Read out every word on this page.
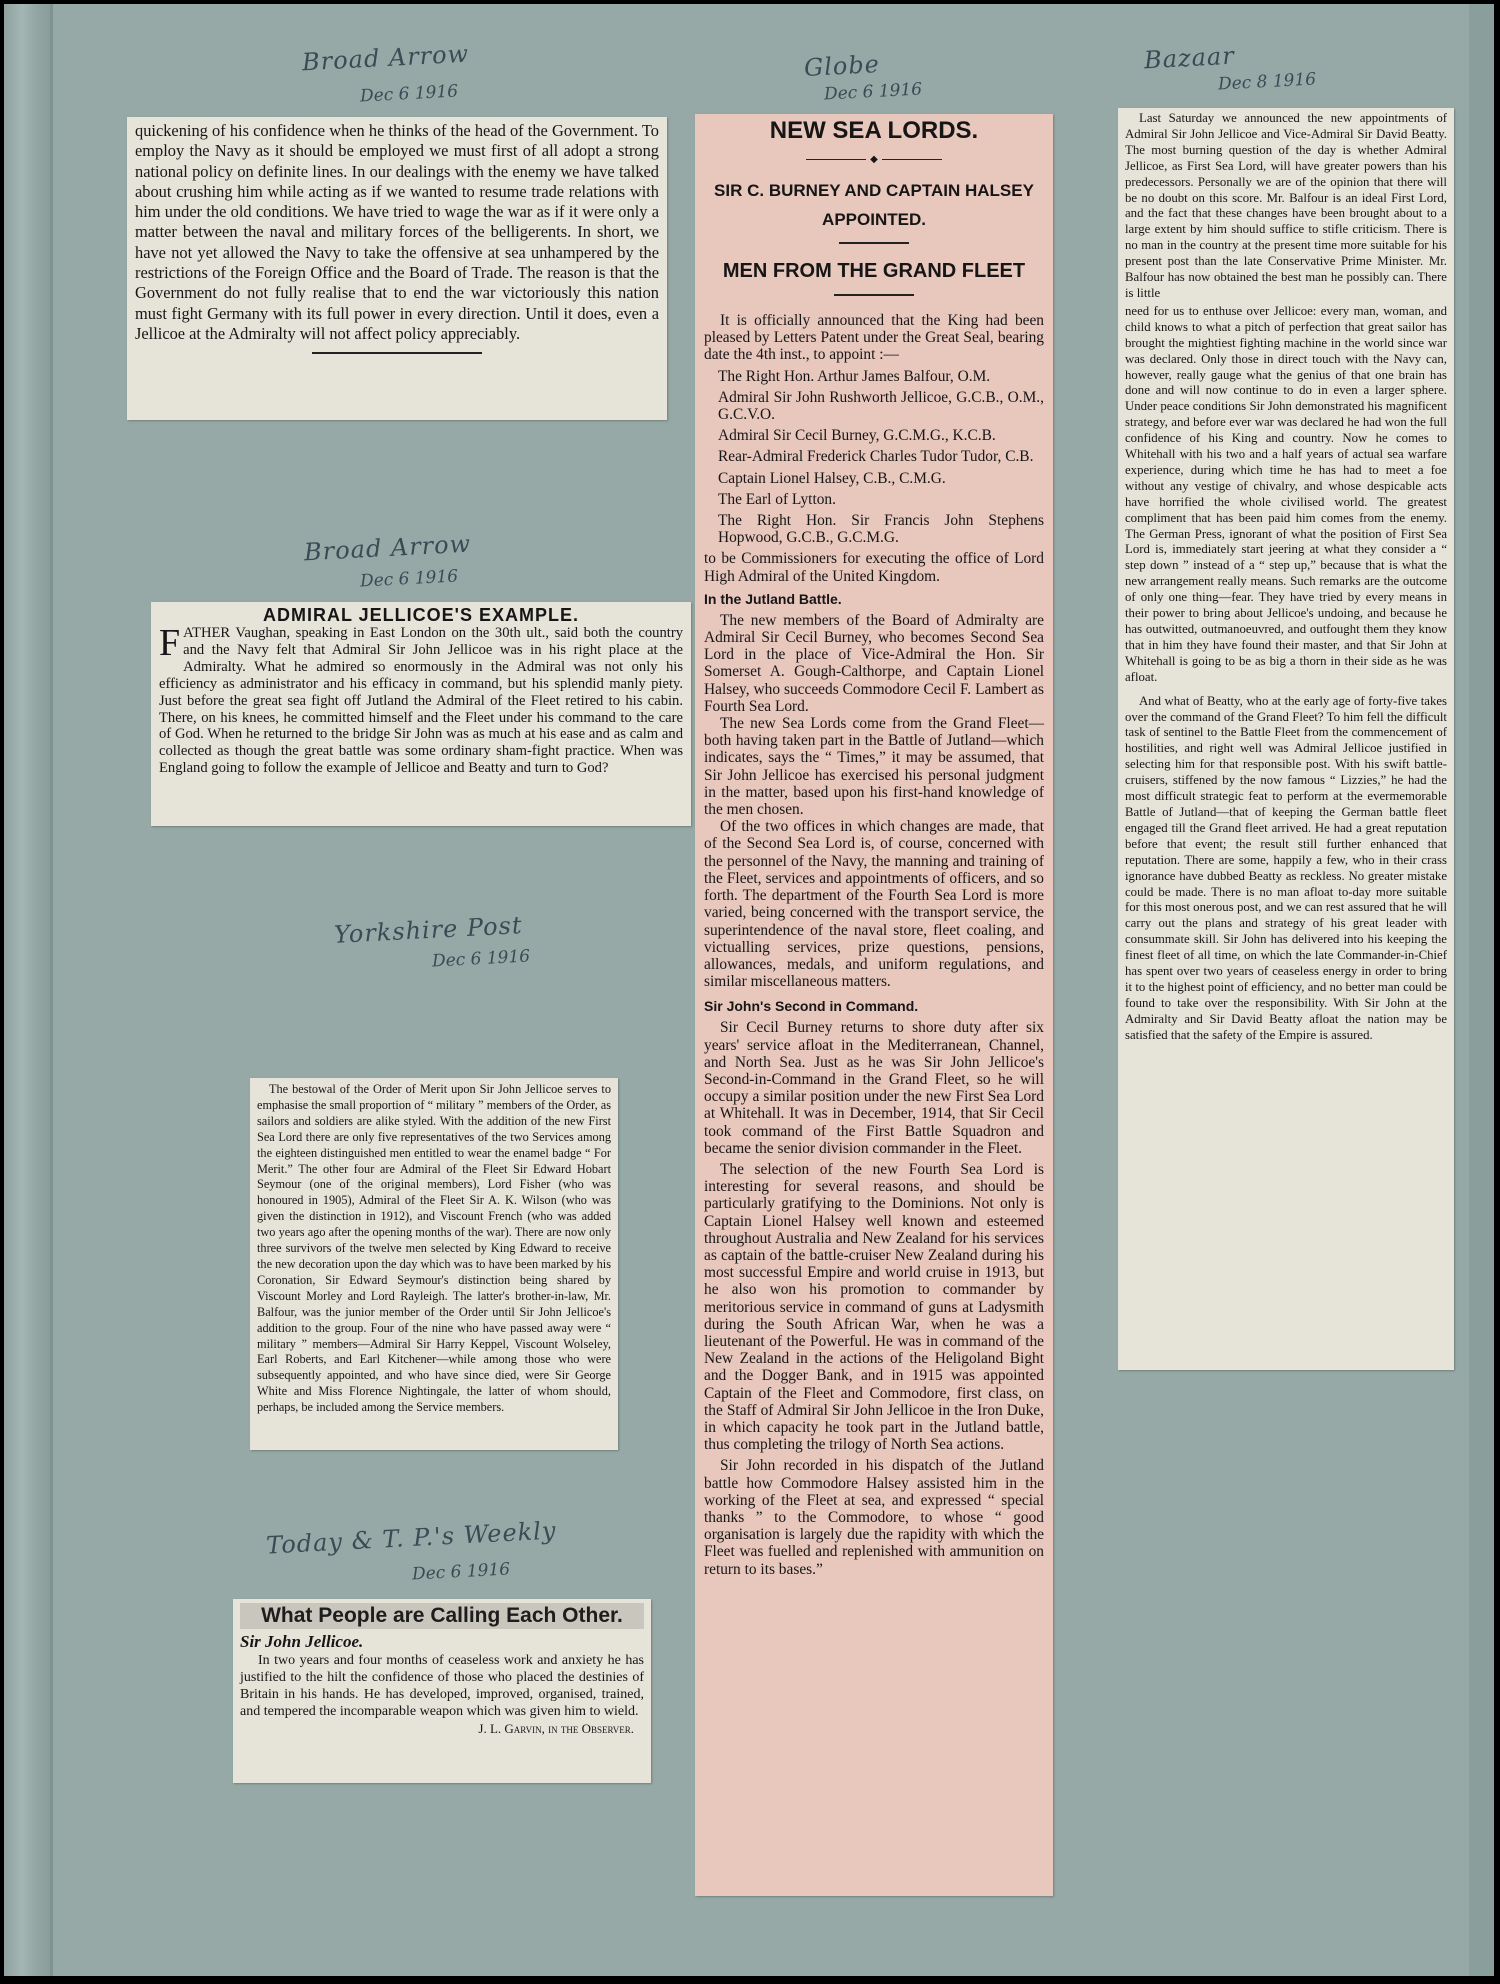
Broad Arrow
Dec 6 1916
Globe
Dec 6 1916
Bazaar
Dec 8 1916
Broad Arrow
Dec 6 1916
Yorkshire Post
Dec 6 1916
Today & T. P.'s Weekly
Dec 6 1916

quickening of his confidence when he thinks of the head of the Government. To employ the Navy as it should be employed we must first of all adopt a strong national policy on definite lines. In our dealings with the enemy we have talked about crushing him while acting as if we wanted to resume trade relations with him under the old conditions. We have tried to wage the war as if it were only a matter between the naval and military forces of the belligerents. In short, we have not yet allowed the Navy to take the offensive at sea unhampered by the restrictions of the Foreign Office and the Board of Trade. The reason is that the Government do not fully realise that to end the war victoriously this nation must fight Germany with its full power in every direction. Until it does, even a Jellicoe at the Admiralty will not affect policy appreciably.

ADMIRAL JELLICOE'S EXAMPLE.

F ATHER Vaughan, speaking in East London on the 30th ult., said both the country and the Navy felt that Admiral Sir John Jellicoe was in his right place at the Admiralty. What he admired so enormously in the Admiral was not only his efficiency as administrator and his efficacy in command, but his splendid manly piety. Just before the great sea fight off Jutland the Admiral of the Fleet retired to his cabin. There, on his knees, he committed himself and the Fleet under his command to the care of God. When he returned to the bridge Sir John was as much at his ease and as calm and collected as though the great battle was some ordinary sham-fight practice. When was England going to follow the example of Jellicoe and Beatty and turn to God?

The bestowal of the Order of Merit upon Sir John Jellicoe serves to emphasise the small proportion of “ military ” members of the Order, as sailors and soldiers are alike styled. With the addition of the new First Sea Lord there are only five representatives of the two Services among the eighteen distinguished men entitled to wear the enamel badge “ For Merit.” The other four are Admiral of the Fleet Sir Edward Hobart Seymour (one of the original members), Lord Fisher (who was honoured in 1905), Admiral of the Fleet Sir A. K. Wilson (who was given the distinction in 1912), and Viscount French (who was added two years ago after the opening months of the war). There are now only three survivors of the twelve men selected by King Edward to receive the new decoration upon the day which was to have been marked by his Coronation, Sir Edward Seymour's distinction being shared by Viscount Morley and Lord Rayleigh. The latter's brother-in-law, Mr. Balfour, was the junior member of the Order until Sir John Jellicoe's addition to the group. Four of the nine who have passed away were “ military ” members—Admiral Sir Harry Keppel, Viscount Wolseley, Earl Roberts, and Earl Kitchener—while among those who were subsequently appointed, and who have since died, were Sir George White and Miss Florence Nightingale, the latter of whom should, perhaps, be included among the Service members.

What People are Calling Each Other.
Sir John Jellicoe.

In two years and four months of ceaseless work and anxiety he has justified to the hilt the confidence of those who placed the destinies of Britain in his hands. He has developed, improved, organised, trained, and tempered the incomparable weapon which was given him to wield.

J. L. Garvin, in the Observer.
NEW SEA LORDS.
◆
SIR C. BURNEY AND CAPTAIN HALSEY APPOINTED.
MEN FROM THE GRAND FLEET

It is officially announced that the King had been pleased by Letters Patent under the Great Seal, bearing date the 4th inst., to appoint :—

The Right Hon. Arthur James Balfour, O.M.

Admiral Sir John Rushworth Jellicoe, G.C.B., O.M., G.C.V.O.

Admiral Sir Cecil Burney, G.C.M.G., K.C.B.

Rear-Admiral Frederick Charles Tudor Tudor, C.B.

Captain Lionel Halsey, C.B., C.M.G.

The Earl of Lytton.

The Right Hon. Sir Francis John Stephens Hopwood, G.C.B., G.C.M.G.

to be Commissioners for executing the office of Lord High Admiral of the United Kingdom.

In the Jutland Battle.

The new members of the Board of Admiralty are Admiral Sir Cecil Burney, who becomes Second Sea Lord in the place of Vice-Admiral the Hon. Sir Somerset A. Gough-Calthorpe, and Captain Lionel Halsey, who succeeds Commodore Cecil F. Lambert as Fourth Sea Lord.

The new Sea Lords come from the Grand Fleet—both having taken part in the Battle of Jutland—which indicates, says the “ Times,” it may be assumed, that Sir John Jellicoe has exercised his personal judgment in the matter, based upon his first-hand knowledge of the men chosen.

Of the two offices in which changes are made, that of the Second Sea Lord is, of course, concerned with the personnel of the Navy, the manning and training of the Fleet, services and appointments of officers, and so forth. The department of the Fourth Sea Lord is more varied, being concerned with the transport service, the superintendence of the naval store, fleet coaling, and victualling services, prize questions, pensions, allowances, medals, and uniform regulations, and similar miscellaneous matters.

Sir John's Second in Command.

Sir Cecil Burney returns to shore duty after six years' service afloat in the Mediterranean, Channel, and North Sea. Just as he was Sir John Jellicoe's Second-in-Command in the Grand Fleet, so he will occupy a similar position under the new First Sea Lord at Whitehall. It was in December, 1914, that Sir Cecil took command of the First Battle Squadron and became the senior division commander in the Fleet.

The selection of the new Fourth Sea Lord is interesting for several reasons, and should be particularly gratifying to the Dominions. Not only is Captain Lionel Halsey well known and esteemed throughout Australia and New Zealand for his services as captain of the battle-cruiser New Zealand during his most successful Empire and world cruise in 1913, but he also won his promotion to commander by meritorious service in command of guns at Ladysmith during the South African War, when he was a lieutenant of the Powerful. He was in command of the New Zealand in the actions of the Heligoland Bight and the Dogger Bank, and in 1915 was appointed Captain of the Fleet and Commodore, first class, on the Staff of Admiral Sir John Jellicoe in the Iron Duke, in which capacity he took part in the Jutland battle, thus completing the trilogy of North Sea actions.

Sir John recorded in his dispatch of the Jutland battle how Commodore Halsey assisted him in the working of the Fleet at sea, and expressed “ special thanks ” to the Commodore, to whose “ good organisation is largely due the rapidity with which the Fleet was fuelled and replenished with ammunition on return to its bases.”

Last Saturday we announced the new appointments of Admiral Sir John Jellicoe and Vice-Admiral Sir David Beatty. The most burning question of the day is whether Admiral Jellicoe, as First Sea Lord, will have greater powers than his predecessors. Personally we are of the opinion that there will be no doubt on this score. Mr. Balfour is an ideal First Lord, and the fact that these changes have been brought about to a large extent by him should suffice to stifle criticism. There is no man in the country at the present time more suitable for his present post than the late Conservative Prime Minister. Mr. Balfour has now obtained the best man he possibly can. There is little

need for us to enthuse over Jellicoe: every man, woman, and child knows to what a pitch of perfection that great sailor has brought the mightiest fighting machine in the world since war was declared. Only those in direct touch with the Navy can, however, really gauge what the genius of that one brain has done and will now continue to do in even a larger sphere. Under peace conditions Sir John demonstrated his magnificent strategy, and before ever war was declared he had won the full confidence of his King and country. Now he comes to Whitehall with his two and a half years of actual sea warfare experience, during which time he has had to meet a foe without any vestige of chivalry, and whose despicable acts have horrified the whole civilised world. The greatest compliment that has been paid him comes from the enemy. The German Press, ignorant of what the position of First Sea Lord is, immediately start jeering at what they consider a “ step down ” instead of a “ step up,” because that is what the new arrangement really means. Such remarks are the outcome of only one thing—fear. They have tried by every means in their power to bring about Jellicoe's undoing, and because he has outwitted, outmanoeuvred, and outfought them they know that in him they have found their master, and that Sir John at Whitehall is going to be as big a thorn in their side as he was afloat.

And what of Beatty, who at the early age of forty-five takes over the command of the Grand Fleet? To him fell the difficult task of sentinel to the Battle Fleet from the commencement of hostilities, and right well was Admiral Jellicoe justified in selecting him for that responsible post. With his swift battle-cruisers, stiffened by the now famous “ Lizzies,” he had the most difficult strategic feat to perform at the evermemorable Battle of Jutland—that of keeping the German battle fleet engaged till the Grand fleet arrived. He had a great reputation before that event; the result still further enhanced that reputation. There are some, happily a few, who in their crass ignorance have dubbed Beatty as reckless. No greater mistake could be made. There is no man afloat to-day more suitable for this most onerous post, and we can rest assured that he will carry out the plans and strategy of his great leader with consummate skill. Sir John has delivered into his keeping the finest fleet of all time, on which the late Commander-in-Chief has spent over two years of ceaseless energy in order to bring it to the highest point of efficiency, and no better man could be found to take over the responsibility. With Sir John at the Admiralty and Sir David Beatty afloat the nation may be satisfied that the safety of the Empire is assured.
